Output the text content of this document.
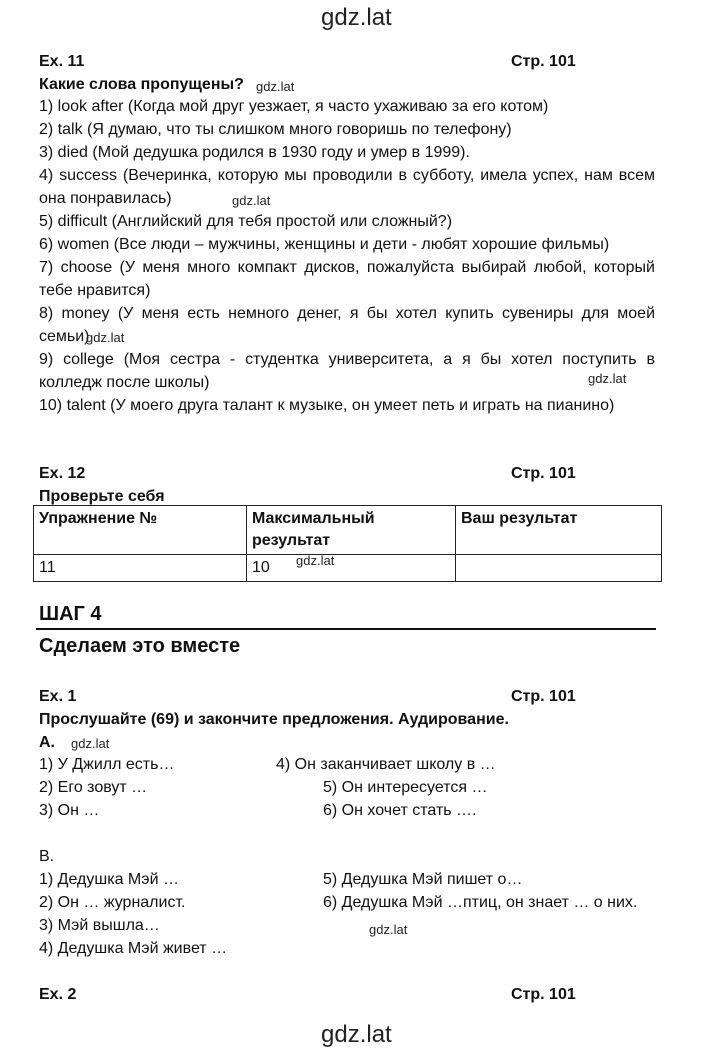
gdz.lat
gdz.lat
Ex. 11	Стр. 101
Какие слова пропущены? gdz.lat
1) look after (Когда мой друг уезжает, я часто ухаживаю за его котом)
2) talk (Я думаю, что ты слишком много говоришь по телефону)
3) died (Мой дедушка родился в 1930 году и умер в 1999).
4) success (Вечеринка, которую мы проводили в субботу, имела успех, нам всем она понравилась)	gdz.lat
5) difficult (Английский для тебя простой или сложный?)
6) women (Все люди – мужчины, женщины и дети - любят хорошие фильмы)
7) choose (У меня много компакт дисков, пожалуйста выбирай любой, который тебе нравится)
8) money (У меня есть немного денег, я бы хотел купить сувениры для моей семьи)
gdz.lat
9) college (Моя сестра - студентка университета, а я бы хотел поступить в колледж после школы)	gdz.lat
10) talent (У моего друга талант к музыке, он умеет петь и играть на пианино)
Ex. 12	Стр. 101
Проверьте себя
Упражнение №	Максимальный результат	Ваш результат
11	10	gdz.lat
ШАГ 4
Сделаем это вместе
Ex. 1	Стр. 101
Прослушайте (69) и закончите предложения. Аудирование.
А. gdz.lat
1) У Джилл есть…
2) Его зовут …
3) Он …
4) Он заканчивает школу в …
5) Он интересуется …
6) Он хочет стать ….
B.
1) Дедушка Мэй …
2) Он … журналист.
3) Мэй вышла…
4) Дедушка Мэй живет …
5) Дедушка Мэй пишет о…
6) Дедушка Мэй …птиц, он знает … о них.
gdz.lat
Ex. 2	Стр. 101
